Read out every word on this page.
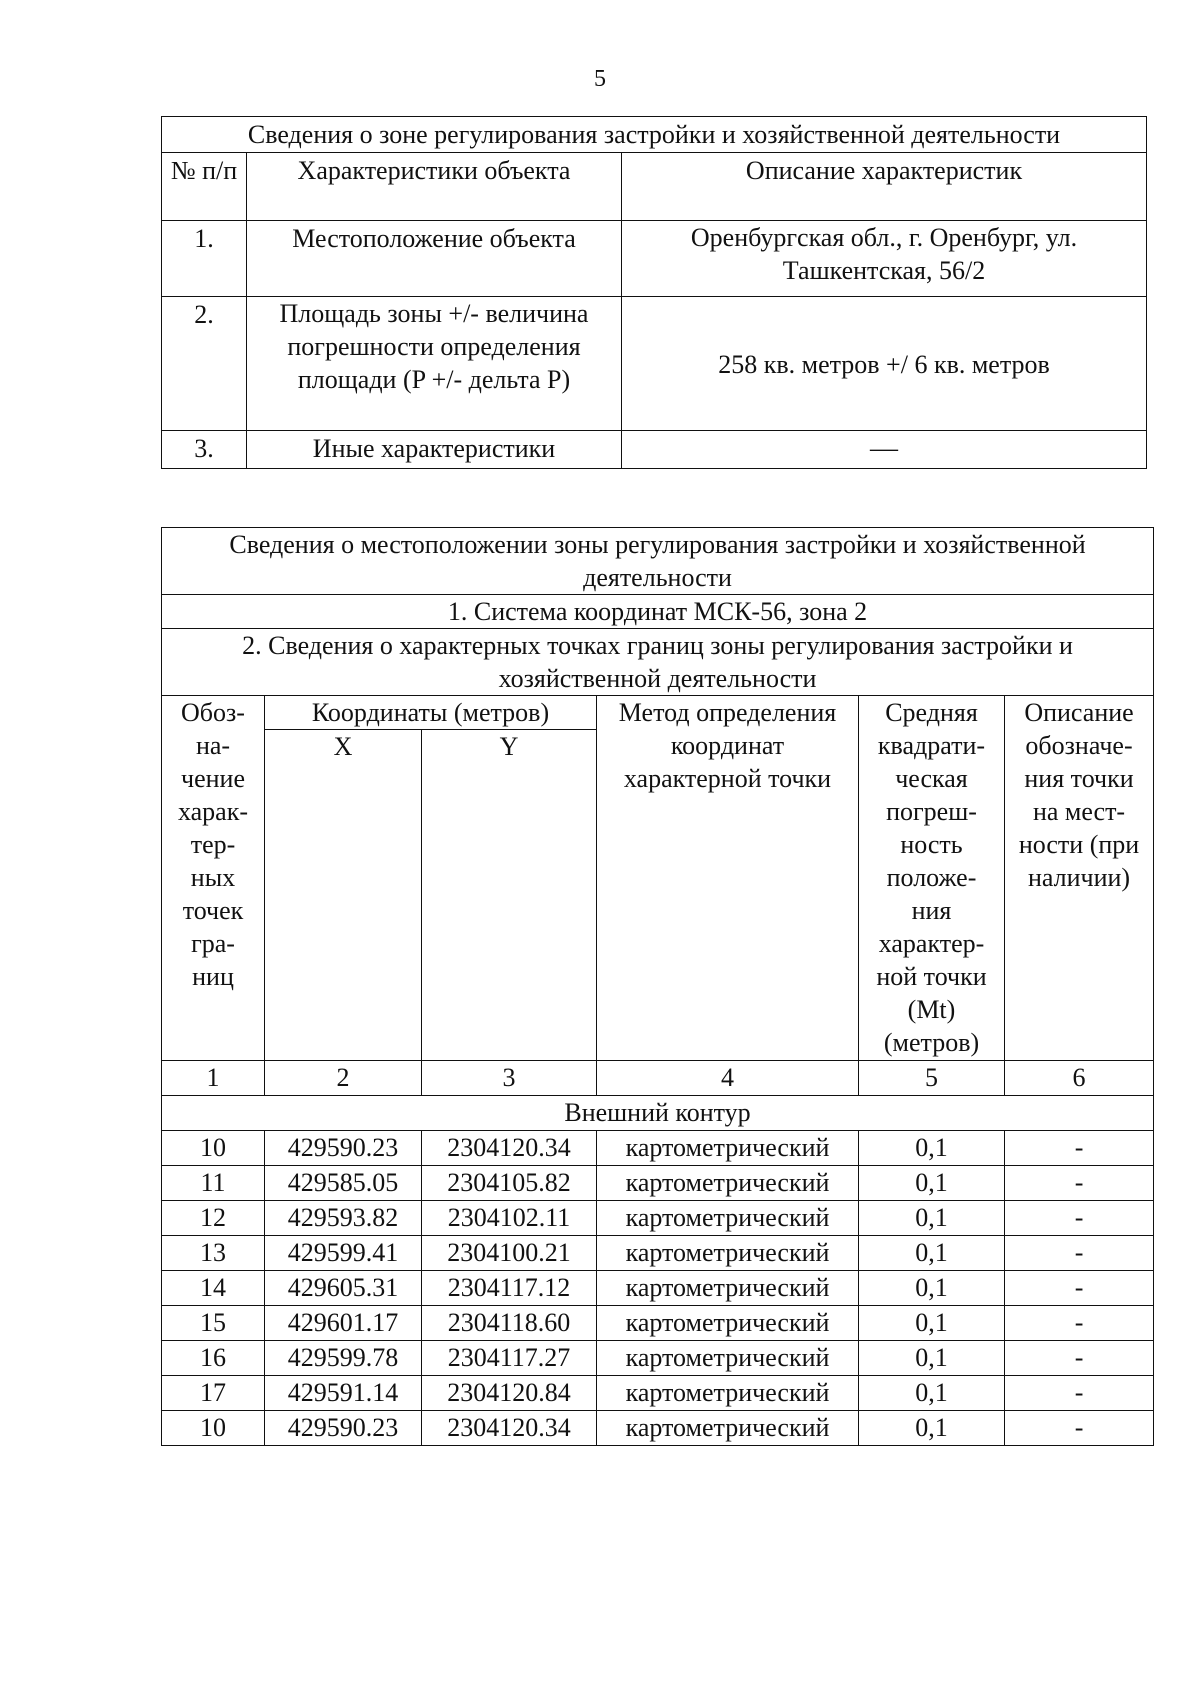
5
Сведения о зоне регулирования застройки и хозяйственной деятельности		
№ п/п	Характеристики объекта	Описание характеристик
1.	Местоположение объекта	Оренбургская обл., г. Оренбург, ул. Ташкентская, 56/2
2.	Площадь зоны +/- величина погрешности определения площади (P +/- дельта P)	258 кв. метров +/ 6 кв. метров
3.	Иные характеристики	—
Сведения о местоположении зоны регулирования застройки и хозяйственной деятельности					
1. Система координат МСК-56, зона 2					
2. Сведения о характерных точках границ зоны регулирования застройки и хозяйственной деятельности					
Обоз-на-чение харак-тер-ных точек гра-ниц	Координаты (метров)		Метод определения координат характерной точки	Средняя квадрати-ческая погреш-ность положе-ния характер-ной точки (Mt) (метров)	Описание обозначе-ния точки на мест-ности (при наличии)
	X	Y			
1	2	3	4	5	6
Внешний контур					
10	429590.23	2304120.34	картометрический	0,1	-
11	429585.05	2304105.82	картометрический	0,1	-
12	429593.82	2304102.11	картометрический	0,1	-
13	429599.41	2304100.21	картометрический	0,1	-
14	429605.31	2304117.12	картометрический	0,1	-
15	429601.17	2304118.60	картометрический	0,1	-
16	429599.78	2304117.27	картометрический	0,1	-
17	429591.14	2304120.84	картометрический	0,1	-
10	429590.23	2304120.34	картометрический	0,1	-
